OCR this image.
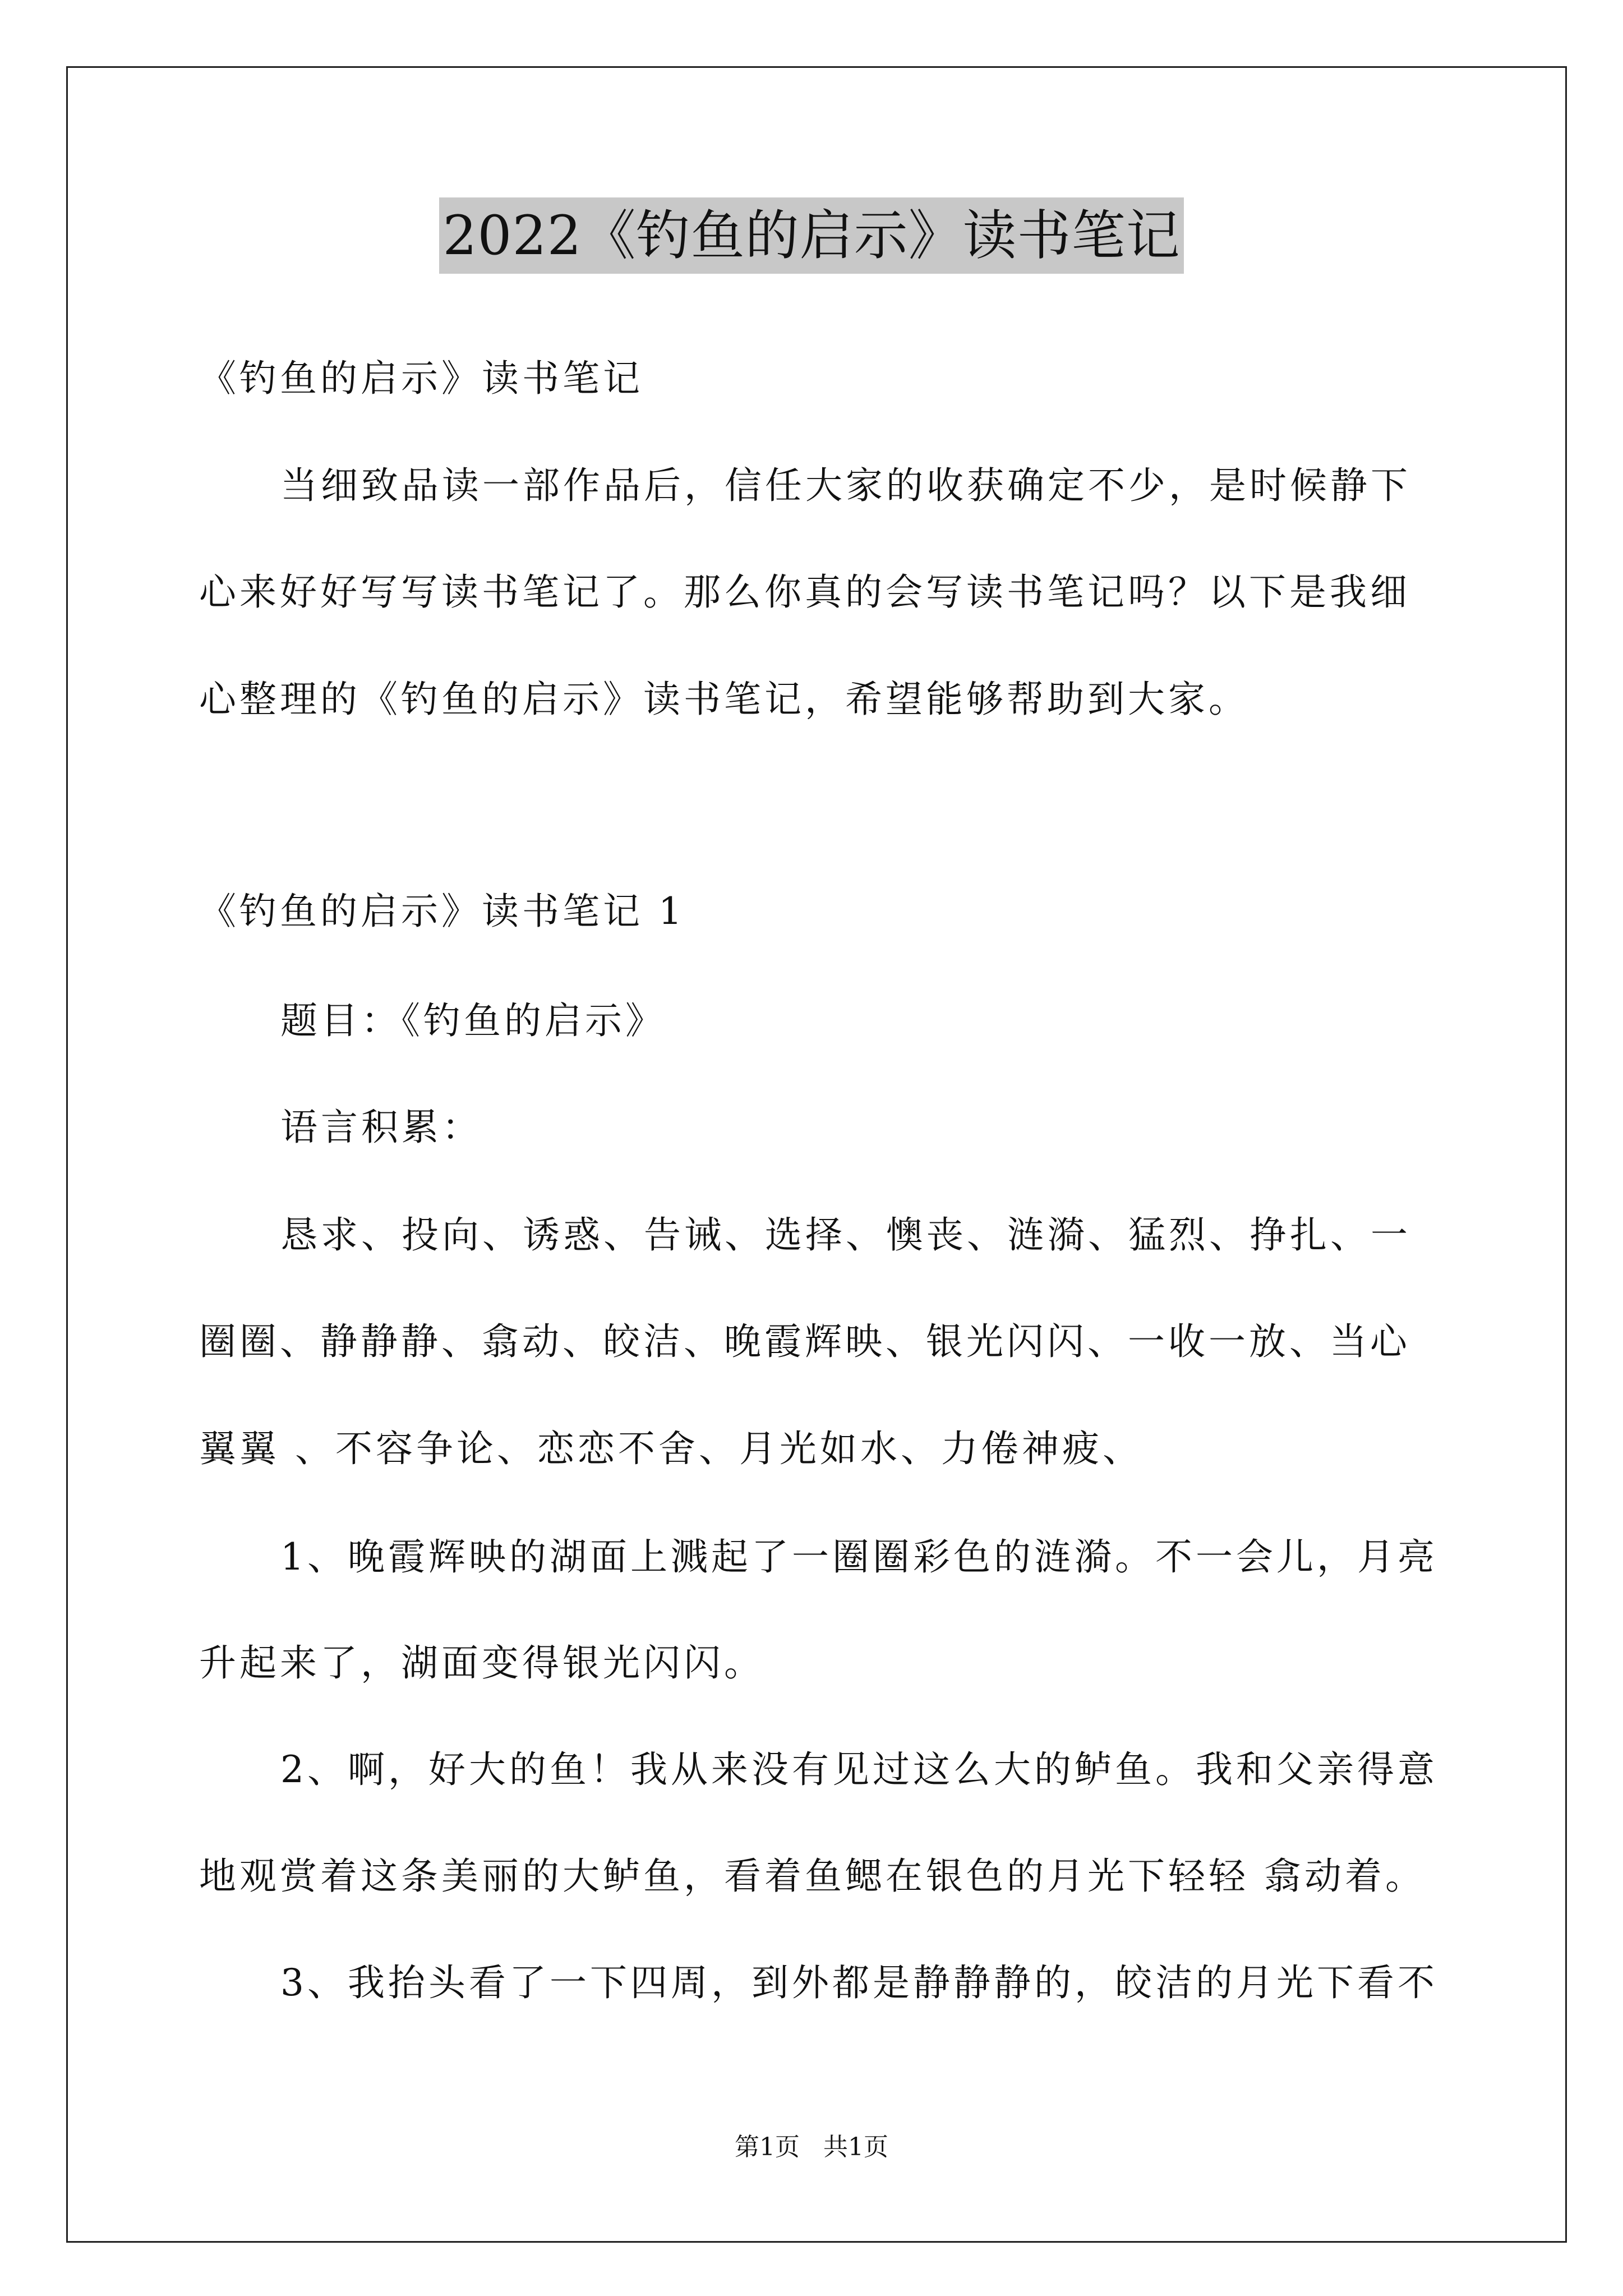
2022《钓鱼的启示》读书笔记
《钓鱼的启示》读书笔记
当细致品读一部作品后，信任大家的收获确定不少，是时候静下
心来好好写写读书笔记了。那么你真的会写读书笔记吗？以下是我细
心整理的《钓鱼的启示》读书笔记，希望能够帮助到大家。
《钓鱼的启示》读书笔记 1
题目：《钓鱼的启示》
语言积累：
恳求、投向、诱惑、告诫、选择、懊丧、涟漪、猛烈、挣扎、一
圈圈、静静静、翕动、皎洁、晚霞辉映、银光闪闪、一收一放、当心
翼翼 、不容争论、恋恋不舍、月光如水、力倦神疲、
1、晚霞辉映的湖面上溅起了一圈圈彩色的涟漪。不一会儿，月亮
升起来了，湖面变得银光闪闪。
2、啊，好大的鱼！我从来没有见过这么大的鲈鱼。我和父亲得意
地观赏着这条美丽的大鲈鱼，看着鱼鳃在银色的月光下轻轻 翕动着。
3、我抬头看了一下四周，到外都是静静静的，皎洁的月光下看不
第1页   共1页
